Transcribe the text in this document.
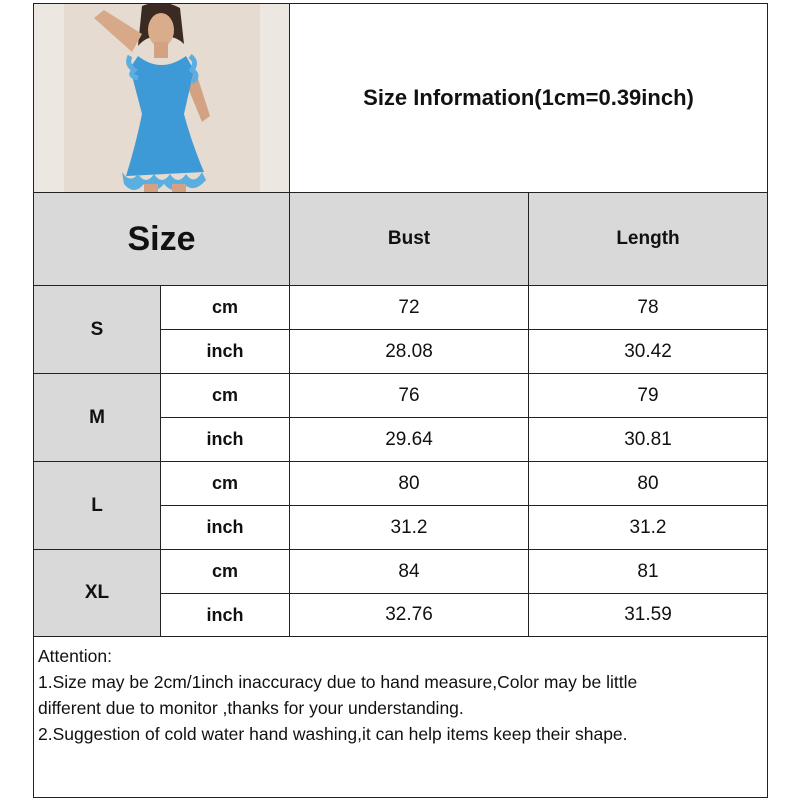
Size Information(1cm=0.39inch)
Size	Bust	Length
S
cm	72	78
inch	28.08	30.42
M
cm	76	79
inch	29.64	30.81
L
cm	80	80
inch	31.2	31.2
XL
cm	84	81
inch	32.76	31.59
Attention:
1.Size may be 2cm/1inch inaccuracy due to hand measure,Color may be little
different due to monitor ,thanks for your understanding.
2.Suggestion of cold water hand washing,it can help items keep their shape.
